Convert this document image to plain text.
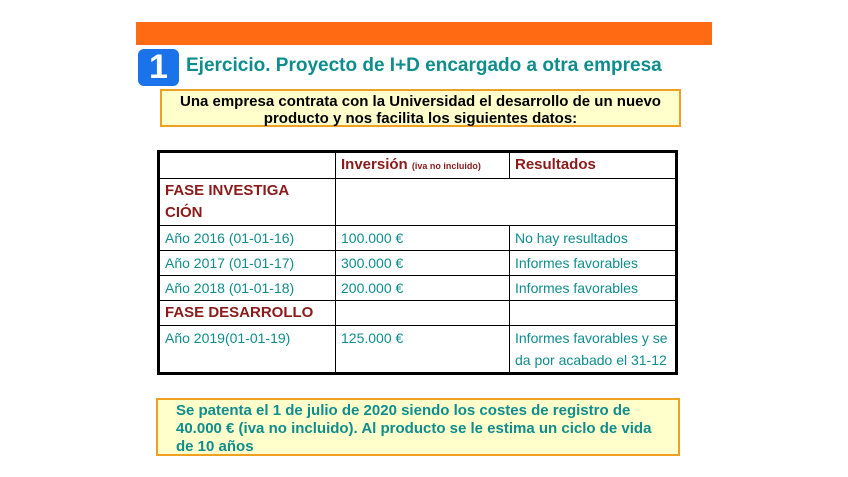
1 Ejercicio. Proyecto de I+D encargado a otra empresa
Una empresa contrata con la Universidad el desarrollo de un nuevo producto y nos facilita los siguientes datos:
	Inversión (iva no incluido)	Resultados

FASE INVESTIGACIÓN		

Año 2016 (01-01-16)	100.000 €	No hay resultados
Año 2017 (01-01-17)	300.000 €	Informes favorables
Año 2018 (01-01-18)	200.000 €	Informes favorables
FASE DESARROLLO		
Año 2019(01-01-19)	125.000 €	Informes favorables y se da por acabado el 31-12
Se patenta el 1 de julio de 2020 siendo los costes de registro de 40.000 € (iva no incluido). Al producto se le estima un ciclo de vida de 10 años
